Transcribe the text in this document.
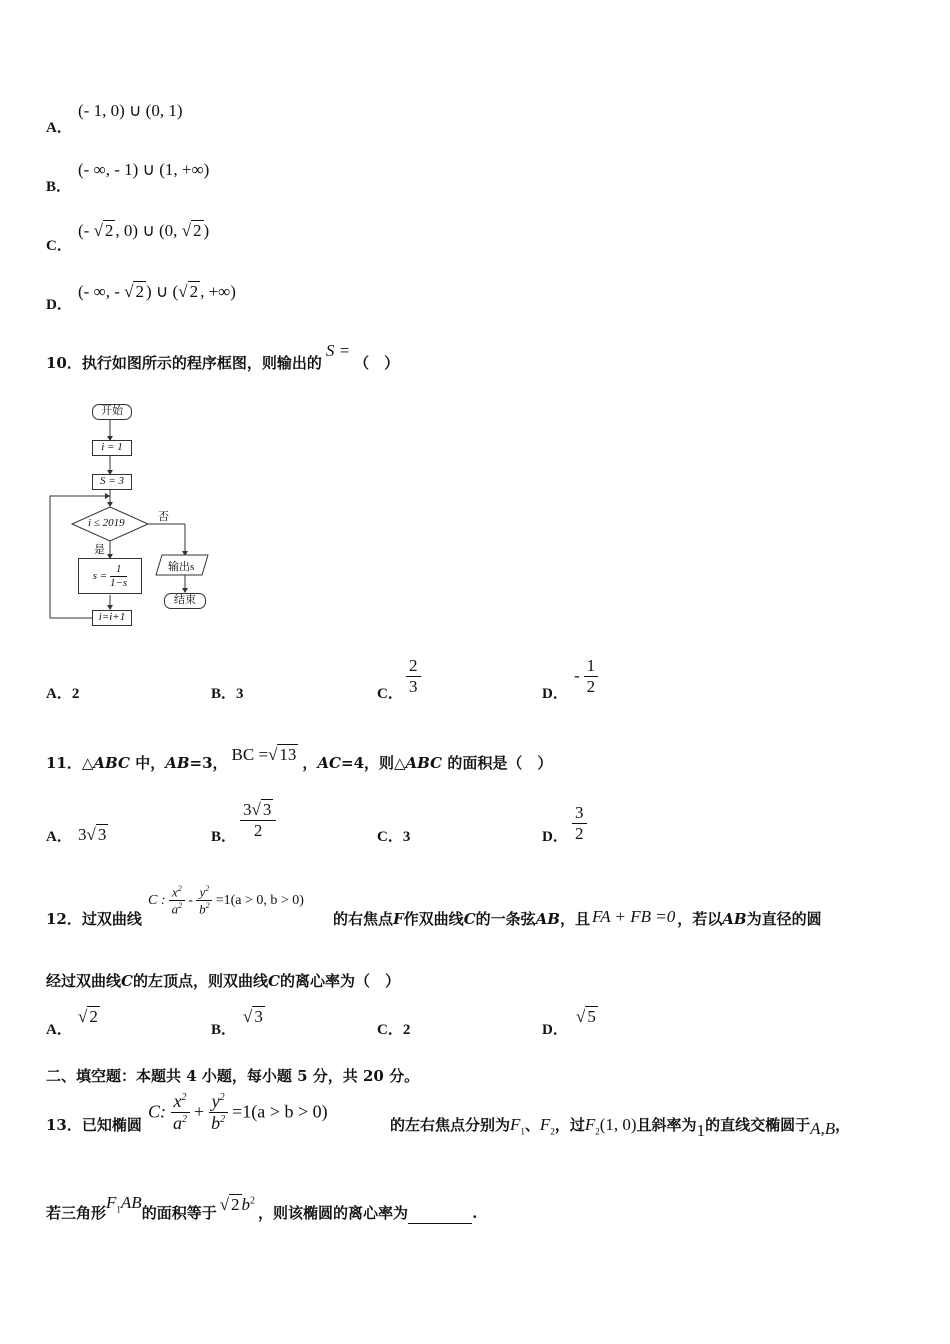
A．
(- 1, 0) ∪ (0, 1)
B．
(- ∞, - 1) ∪ (1, +∞)
C．
(- √ 2 , 0) ∪ (0, √ 2 )
D．
(- ∞, - √ 2 ) ∪ (√ 2 , +∞)
10．执行如图所示的程序框图，则输出的S =（　）
开始
i = 1
S = 3
i ≤ 2019	否
是
$s = \frac{1}{1-s}$	输出s
结束
i=i+1
A．2	B．3	C． $\frac{2}{3}$	D．
- $\frac{1}{2}$
11．△ABC 中，AB=3， BC =√ 13 ，AC=4，则△ABC 的面积是（　）
A． 3√ 3	B． $\frac{3√ 3}{2}$	C．3	D． $\frac{3}{2}$
12．过双曲线
C : $\frac{x^2}{a^2} - \frac{y^2}{b^2} =1(a > 0$, b > 0)
的右焦点F作双曲线C的一条弦AB，且 FA + FB =0 ，若以AB为直径的圆
经过双曲线C的左顶点，则双曲线C的离心率为（　）
A．
√ 2
B．
√ 3
C．2	D．
√ 5
二、填空题：本题共 4 小题，每小题 5 分，共 20 分。
13．已知椭圆
C: $\frac{x^2}{a^2} + \frac{y^2}{b^2} =1(a > b > 0)$
的左右焦点分别为$F_1$、$F_2$，过$F_2(1$, 0)且斜率为1的直线交椭圆于A,B，
若三角形$F_1AB$的面积等于 √ 2 $b^2$，则该椭圆的离心率为	.
